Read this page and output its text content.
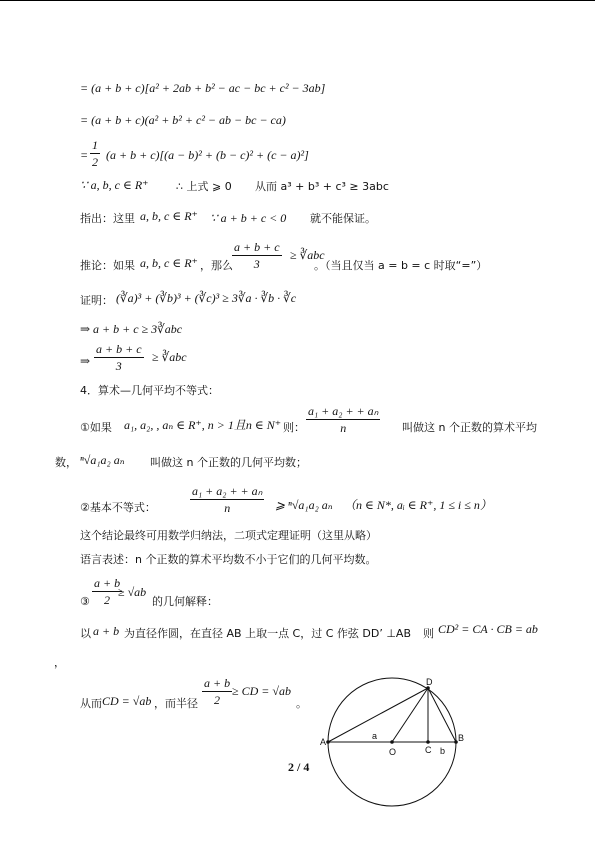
= (a + b + c)[a² + 2ab + b² − ac − bc + c² − 3ab]
= (a + b + c)(a² + b² + c² − ab − bc − ca)
= $\frac{1}{2} (a + b + c)[(a - b)^2 + (b - c)^2 + (c - a)^2]$
∵ a, b, c ∈ R⁺ ∴ 上式 ⩾ 0 从而 a³ + b³ + c³ ≥ 3abc
指出：这里 a, b, c ∈ R⁺ ∵ a + b + c < 0 就不能保证。
推论：如果 a, b, c ∈ R⁺ ，那么 $\frac{a + b + c}{3}$ ≥ ∛abc
。（当且仅当 a = b = c 时取“=”）
证明： (∛a)³ + (∛b)³ + (∛c)³ ≥ 3∛a · ∛b · ∛c
⇒ a + b + c ≥ 3∛abc
⇒ $\frac{a + b + c}{3}$ ≥ ∛abc
4．算术—几何平均不等式：
①如果 a₁, a₂, , aₙ ∈ R⁺, n > 1且n ∈ N⁺ 则： $\frac{\text{a₁ + a₂ + + aₙ}}{n}$ 叫做这 n 个正数的算术平均
数， ⁿ√a₁a₂ aₙ 叫做这 n 个正数的几何平均数；
②基本不等式：	$\frac{\text{a₁ + a₂ + + aₙ}}{n}$ ⩾ ⁿ√a₁a₂ aₙ （n ∈ N*, aᵢ ∈ R⁺, 1 ≤ i ≤ n）
这个结论最终可用数学归纳法，二项式定理证明（这里从略）
语言表述：n 个正数的算术平均数不小于它们的几何平均数。
③ $\frac{a + b}{2}$
≥ √ab
的几何解释：
以 a + b 为直径作圆，在直径 AB 上取一点 C，过 C 作弦 DD’ ⊥AB 则 CD² = CA · CB = ab
，
从而 CD = √ab ，而半径 $\frac{a + b}{2}$ ≥ CD = √ab
。
A	B
C
D
O
a
b
2 / 4
